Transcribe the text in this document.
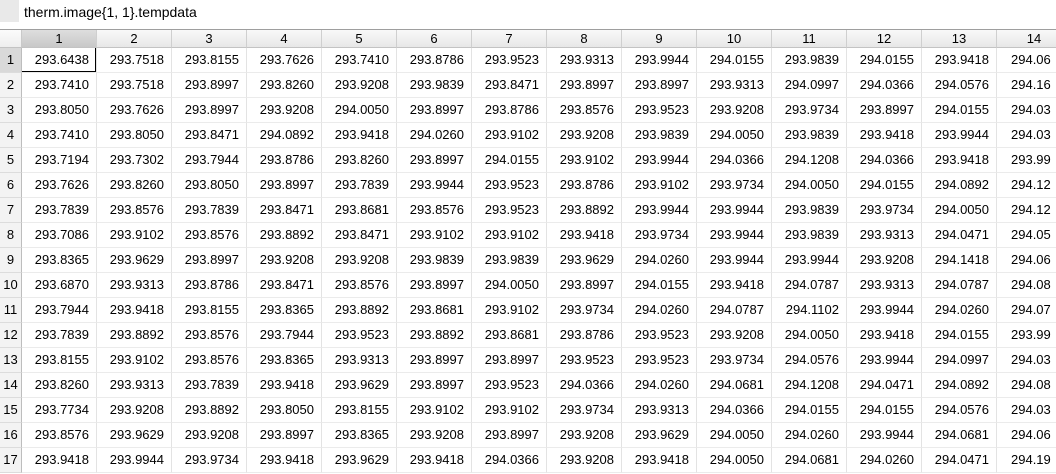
therm.image{1, 1}.tempdata
1	2	3	4	5	6	7	8	9	10	11	12	13	14
1	293.6438	293.7518	293.8155	293.7626	293.7410	293.8786	293.9523	293.9313	293.9944	294.0155	293.9839	294.0155	293.9418	294.06
2	293.7410	293.7518	293.8997	293.8260	293.9208	293.9839	293.8471	293.8997	293.8997	293.9313	294.0997	294.0366	294.0576	294.16
3	293.8050	293.7626	293.8997	293.9208	294.0050	293.8997	293.8786	293.8576	293.9523	293.9208	293.9734	293.8997	294.0155	294.03
4	293.7410	293.8050	293.8471	294.0892	293.9418	294.0260	293.9102	293.9208	293.9839	294.0050	293.9839	293.9418	293.9944	294.03
5	293.7194	293.7302	293.7944	293.8786	293.8260	293.8997	294.0155	293.9102	293.9944	294.0366	294.1208	294.0366	293.9418	293.99
6	293.7626	293.8260	293.8050	293.8997	293.7839	293.9944	293.9523	293.8786	293.9102	293.9734	294.0050	294.0155	294.0892	294.12
7	293.7839	293.8576	293.7839	293.8471	293.8681	293.8576	293.9523	293.8892	293.9944	293.9944	293.9839	293.9734	294.0050	294.12
8	293.7086	293.9102	293.8576	293.8892	293.8471	293.9102	293.9102	293.9418	293.9734	293.9944	293.9839	293.9313	294.0471	294.05
9	293.8365	293.9629	293.8997	293.9208	293.9208	293.9839	293.9839	293.9629	294.0260	293.9944	293.9944	293.9208	294.1418	294.06
10	293.6870	293.9313	293.8786	293.8471	293.8576	293.8997	294.0050	293.8997	294.0155	293.9418	294.0787	293.9313	294.0787	294.08
11	293.7944	293.9418	293.8155	293.8365	293.8892	293.8681	293.9102	293.9734	294.0260	294.0787	294.1102	293.9944	294.0260	294.07
12	293.7839	293.8892	293.8576	293.7944	293.9523	293.8892	293.8681	293.8786	293.9523	293.9208	294.0050	293.9418	294.0155	293.99
13	293.8155	293.9102	293.8576	293.8365	293.9313	293.8997	293.8997	293.9523	293.9523	293.9734	294.0576	293.9944	294.0997	294.03
14	293.8260	293.9313	293.7839	293.9418	293.9629	293.8997	293.9523	294.0366	294.0260	294.0681	294.1208	294.0471	294.0892	294.08
15	293.7734	293.9208	293.8892	293.8050	293.8155	293.9102	293.9102	293.9734	293.9313	294.0366	294.0155	294.0155	294.0576	294.03
16	293.8576	293.9629	293.9208	293.8997	293.8365	293.9208	293.8997	293.9208	293.9629	294.0050	294.0260	293.9944	294.0681	294.06
17	293.9418	293.9944	293.9734	293.9418	293.9629	293.9418	294.0366	293.9208	293.9418	294.0050	294.0681	294.0260	294.0471	294.19
